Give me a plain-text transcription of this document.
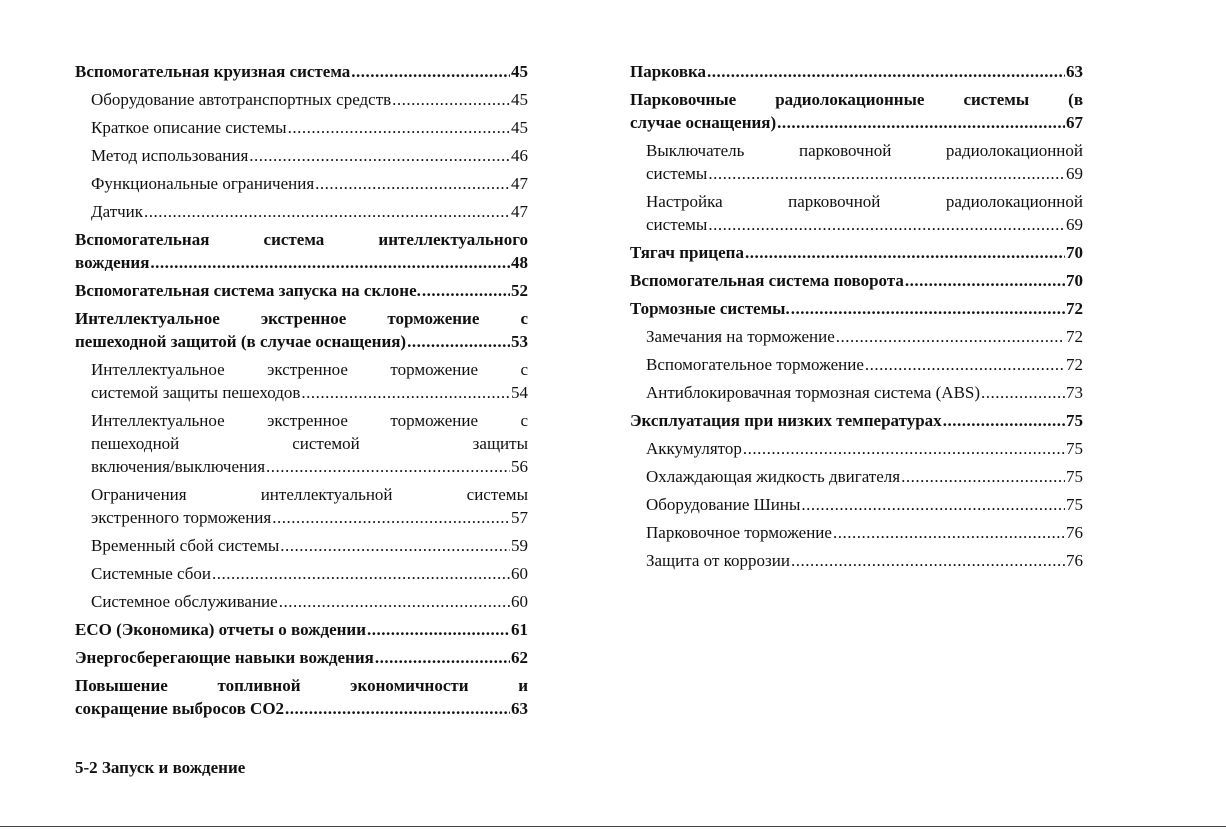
Вспомогательная круизная система .....	45
Оборудование автотранспортных средств .....	45
Краткое описание системы .....	45
Метод использования .....	46
Функциональные ограничения .....	47
Датчик .....	47
Вспомогательная система интеллектуального
вождения .....	48
Вспомогательная система запуска на склоне. .....	52
Интеллектуальное экстренное торможение с
пешеходной защитой (в случае оснащения) .....	53
Интеллектуальное экстренное торможение с
системой защиты пешеходов .....	54
Интеллектуальное экстренное торможение с
пешеходной системой защиты
включения/выключения .....	56
Ограничения интеллектуальной системы
экстренного торможения .....	57
Временный сбой системы .....	59
Системные сбои .....	60
Системное обслуживание .....	60
ECO (Экономика) отчеты о вождении .....	61
Энергосберегающие навыки вождения .....	62
Повышение топливной экономичности и
сокращение выбросов CO2 .....	63
Парковка .....	63
Парковочные радиолокационные системы (в
случае оснащения) .....	67
Выключатель парковочной радиолокационной
системы .....	69
Настройка парковочной радиолокационной
системы .....	69
Тягач прицепа .....	70
Вспомогательная система поворота .....	70
Тормозные системы. .....	72
Замечания на торможение .....	72
Вспомогательное торможение .....	72
Антиблокировачная тормозная система (ABS) .....	73
Эксплуатация при низких температурах .....	75
Аккумулятор .....	75
Охлаждающая жидкость двигателя .....	75
Оборудование Шины .....	75
Парковочное торможение .....	76
Защита от коррозии .....	76
5-2 Запуск и вождение
